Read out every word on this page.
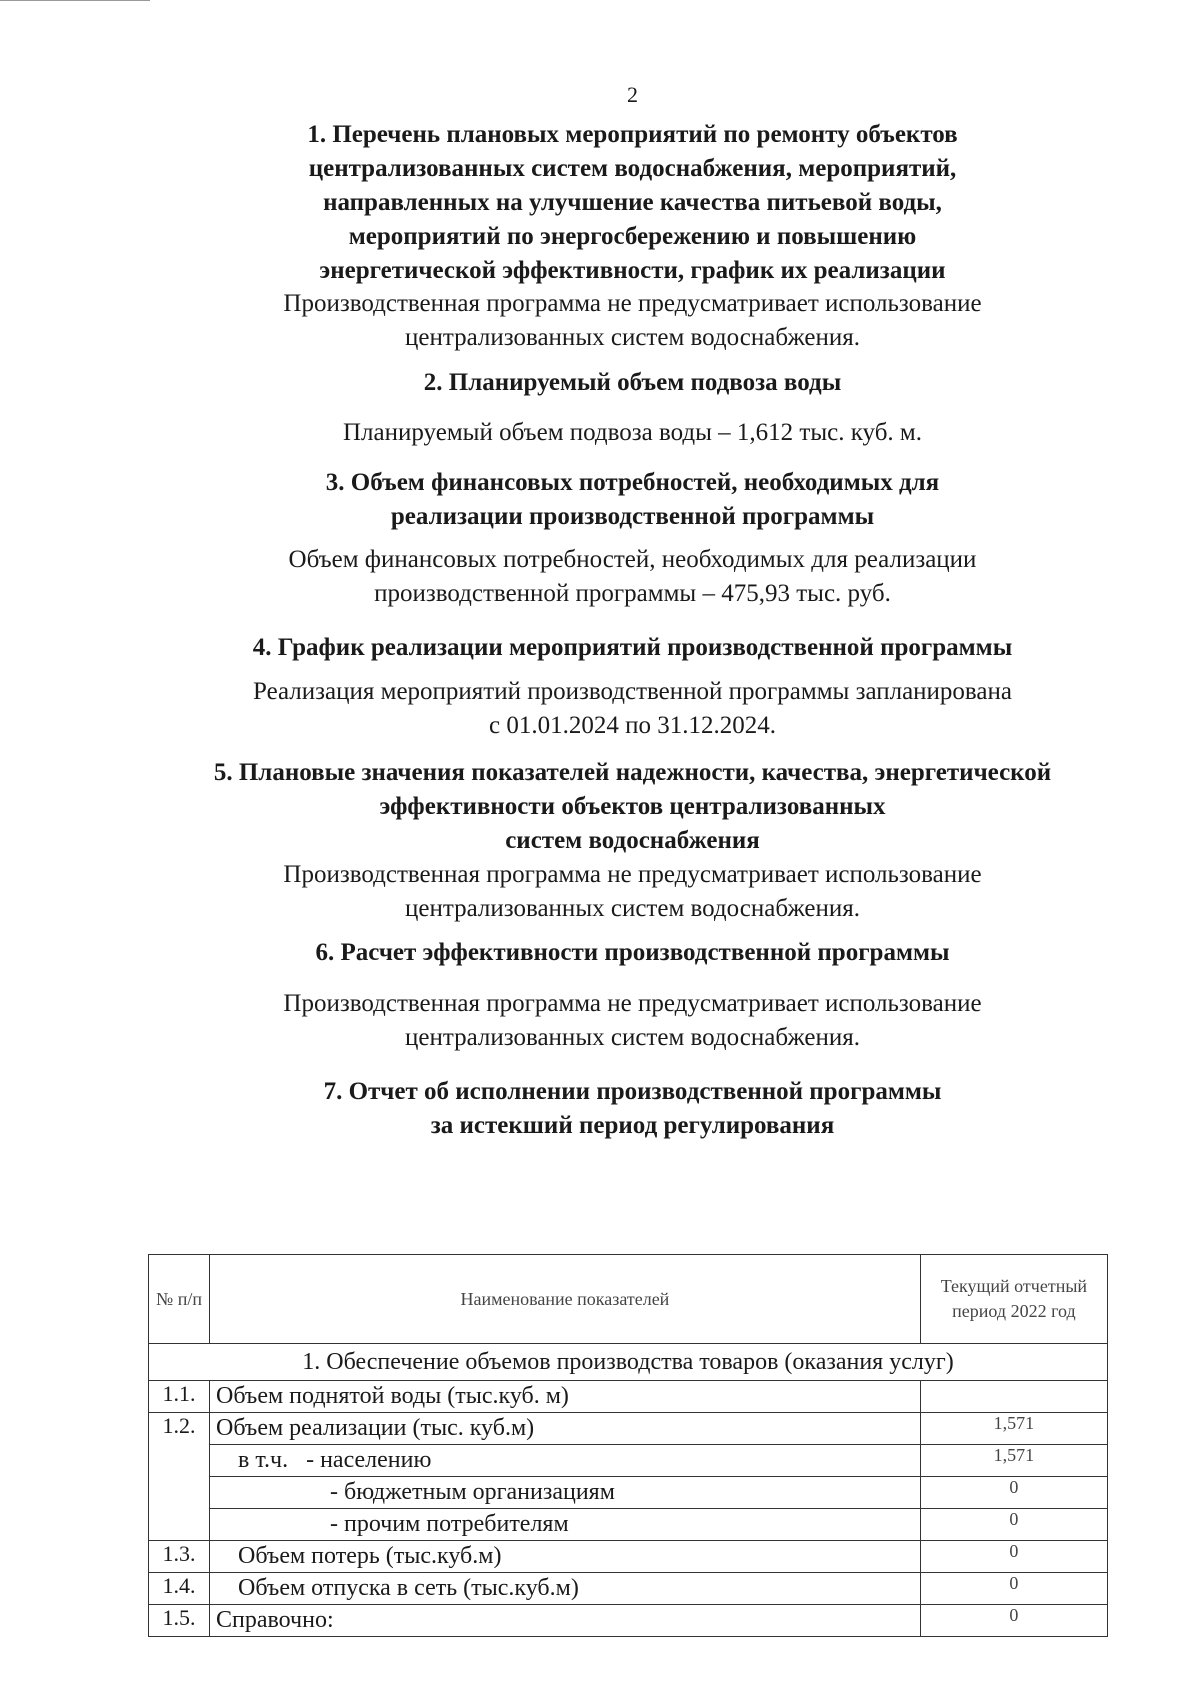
2
1. Перечень плановых мероприятий по ремонту объектов
централизованных систем водоснабжения, мероприятий,
направленных на улучшение качества питьевой воды,
мероприятий по энергосбережению и повышению
энергетической эффективности, график их реализации
Производственная программа не предусматривает использование
централизованных систем водоснабжения.
2. Планируемый объем подвоза воды
Планируемый объем подвоза воды – 1,612 тыс. куб. м.
3. Объем финансовых потребностей, необходимых для
реализации производственной программы
Объем финансовых потребностей, необходимых для реализации
производственной программы – 475,93 тыс. руб.
4. График реализации мероприятий производственной программы
Реализация мероприятий производственной программы запланирована
с 01.01.2024 по 31.12.2024.
5. Плановые значения показателей надежности, качества, энергетической
эффективности объектов централизованных
систем водоснабжения
Производственная программа не предусматривает использование
централизованных систем водоснабжения.
6. Расчет эффективности производственной программы
Производственная программа не предусматривает использование
централизованных систем водоснабжения.
7. Отчет об исполнении производственной программы
за истекший период регулирования
№ п/п	Наименование показателей	Текущий отчетный период 2022 год
1. Обеспечение объемов производства товаров (оказания услуг)		
1.1.	Объем поднятой воды (тыс.куб. м)	
1.2.	Объем реализации (тыс. куб.м)	1,571
	в т.ч. - населению	1,571
	- бюджетным организациям	0
	- прочим потребителям	0
1.3.	Объем потерь (тыс.куб.м)	0
1.4.	Объем отпуска в сеть (тыс.куб.м)	0
1.5.	Справочно:	0
